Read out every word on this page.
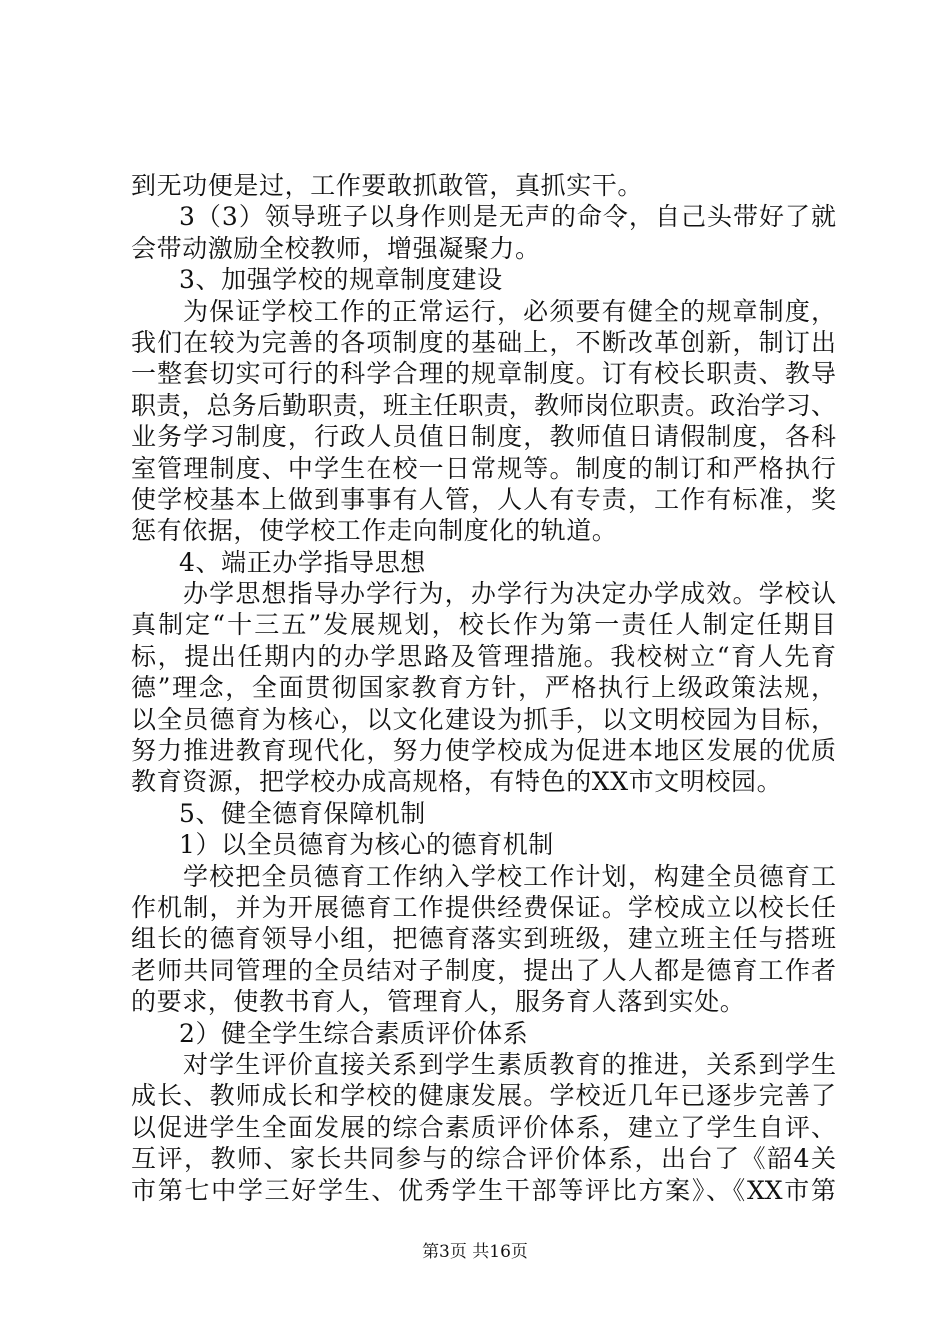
到无功便是过，工作要敢抓敢管，真抓实干。
3（3）领导班子以身作则是无声的命令，自己头带好了就
会带动激励全校教师，增强凝聚力。
3、加强学校的规章制度建设
为保证学校工作的正常运行，必须要有健全的规章制度，
我们在较为完善的各项制度的基础上，不断改革创新，制订出
一整套切实可行的科学合理的规章制度。订有校长职责、教导
职责，总务后勤职责，班主任职责，教师岗位职责。政治学习、
业务学习制度，行政人员值日制度，教师值日请假制度，各科
室管理制度、中学生在校一日常规等。制度的制订和严格执行
使学校基本上做到事事有人管，人人有专责，工作有标准，奖
惩有依据，使学校工作走向制度化的轨道。
4、端正办学指导思想
办学思想指导办学行为，办学行为决定办学成效。学校认
真制定“十三五”发展规划，校长作为第一责任人制定任期目
标，提出任期内的办学思路及管理措施。我校树立“育人先育
德”理念，全面贯彻国家教育方针，严格执行上级政策法规，
以全员德育为核心，以文化建设为抓手，以文明校园为目标，
努力推进教育现代化，努力使学校成为促进本地区发展的优质
教育资源，把学校办成高规格，有特色的XX市文明校园。
5、健全德育保障机制
1）以全员德育为核心的德育机制
学校把全员德育工作纳入学校工作计划，构建全员德育工
作机制，并为开展德育工作提供经费保证。学校成立以校长任
组长的德育领导小组，把德育落实到班级，建立班主任与搭班
老师共同管理的全员结对子制度，提出了人人都是德育工作者
的要求，使教书育人，管理育人，服务育人落到实处。
2）健全学生综合素质评价体系
对学生评价直接关系到学生素质教育的推进，关系到学生
成长、教师成长和学校的健康发展。学校近几年已逐步完善了
以促进学生全面发展的综合素质评价体系，建立了学生自评、
互评，教师、家长共同参与的综合评价体系，出台了《韶4关
市第七中学三好学生、优秀学生干部等评比方案》、《XX市第
第3页 共16页
